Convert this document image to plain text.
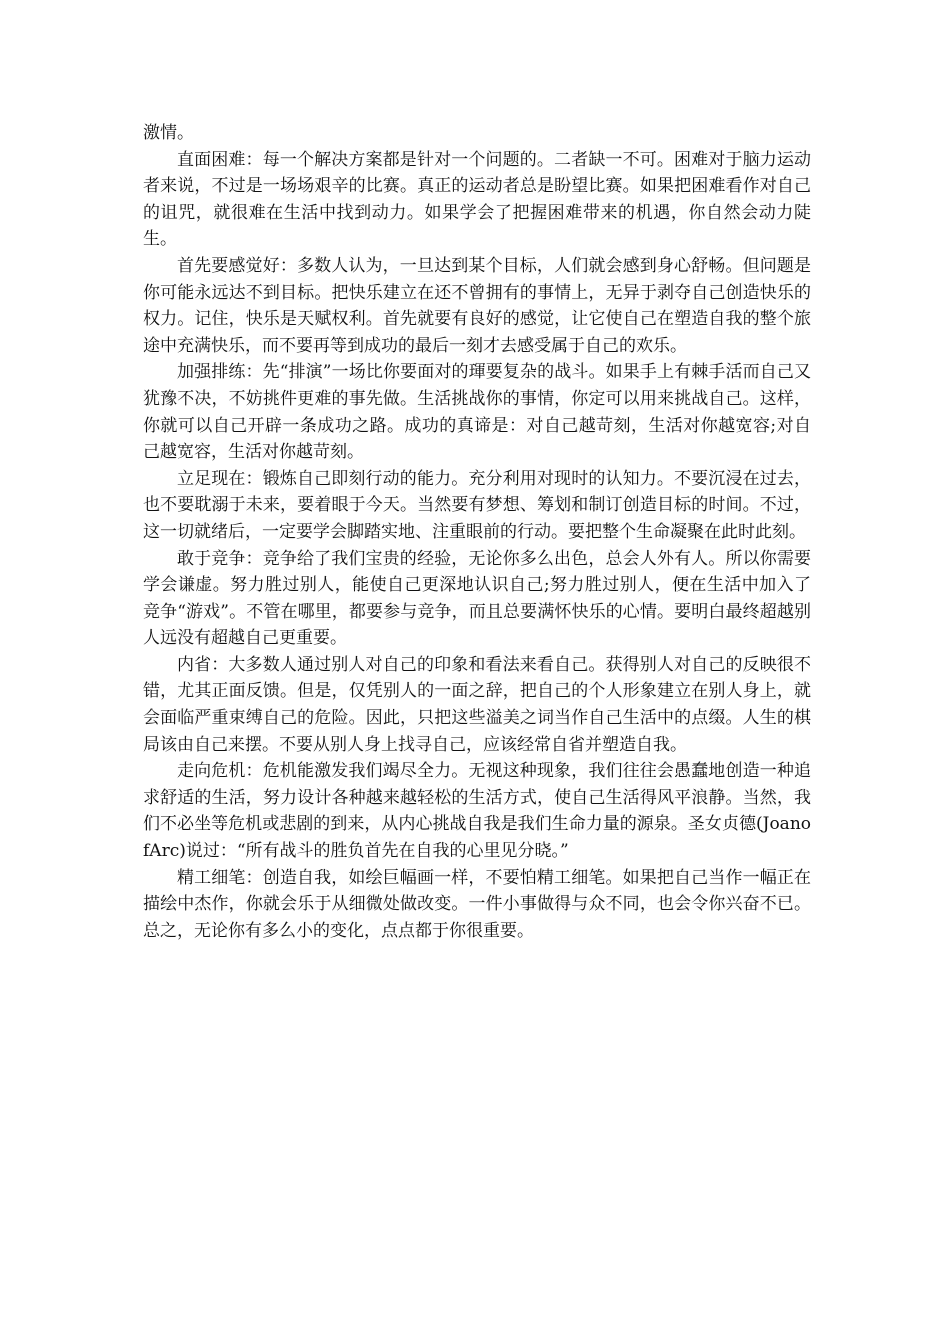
激情。

直面困难：每一个解决方案都是针对一个问题的。二者缺一不可。困难对于脑力运动者来说，不过是一场场艰辛的比赛。真正的运动者总是盼望比赛。如果把困难看作对自己的诅咒，就很难在生活中找到动力。如果学会了把握困难带来的机遇，你自然会动力陡生。

首先要感觉好：多数人认为，一旦达到某个目标，人们就会感到身心舒畅。但问题是你可能永远达不到目标。把快乐建立在还不曾拥有的事情上，无异于剥夺自己创造快乐的权力。记住，快乐是天赋权利。首先就要有良好的感觉，让它使自己在塑造自我的整个旅途中充满快乐，而不要再等到成功的最后一刻才去感受属于自己的欢乐。

加强排练：先“排演”一场比你要面对的琿要复杂的战斗。如果手上有棘手活而自己又犹豫不决，不妨挑件更难的事先做。生活挑战你的事情，你定可以用来挑战自己。这样，你就可以自己开辟一条成功之路。成功的真谛是：对自己越苛刻，生活对你越宽容;对自己越宽容，生活对你越苛刻。

立足现在：锻炼自己即刻行动的能力。充分利用对现时的认知力。不要沉浸在过去，也不要耽溺于未来，要着眼于今天。当然要有梦想、筹划和制订创造目标的时间。不过，这一切就绪后，一定要学会脚踏实地、注重眼前的行动。要把整个生命凝聚在此时此刻。

敢于竞争：竞争给了我们宝贵的经验，无论你多么出色，总会人外有人。所以你需要学会谦虚。努力胜过别人，能使自己更深地认识自己;努力胜过别人，便在生活中加入了竞争“游戏”。不管在哪里，都要参与竞争，而且总要满怀快乐的心情。要明白最终超越别人远没有超越自己更重要。

内省：大多数人通过别人对自己的印象和看法来看自己。获得别人对自己的反映很不错，尤其正面反馈。但是，仅凭别人的一面之辞，把自己的个人形象建立在别人身上，就会面临严重束缚自己的危险。因此，只把这些溢美之词当作自己生活中的点缀。人生的棋局该由自己来摆。不要从别人身上找寻自己，应该经常自省并塑造自我。

走向危机：危机能激发我们竭尽全力。无视这种现象，我们往往会愚蠢地创造一种追求舒适的生活，努力设计各种越来越轻松的生活方式，使自己生活得风平浪静。当然，我们不必坐等危机或悲剧的到来，从内心挑战自我是我们生命力量的源泉。圣女贞德(JoanofArc)说过：“所有战斗的胜负首先在自我的心里见分晓。”

精工细笔：创造自我，如绘巨幅画一样，不要怕精工细笔。如果把自己当作一幅正在描绘中杰作，你就会乐于从细微处做改变。一件小事做得与众不同，也会令你兴奋不已。总之，无论你有多么小的变化，点点都于你很重要。
